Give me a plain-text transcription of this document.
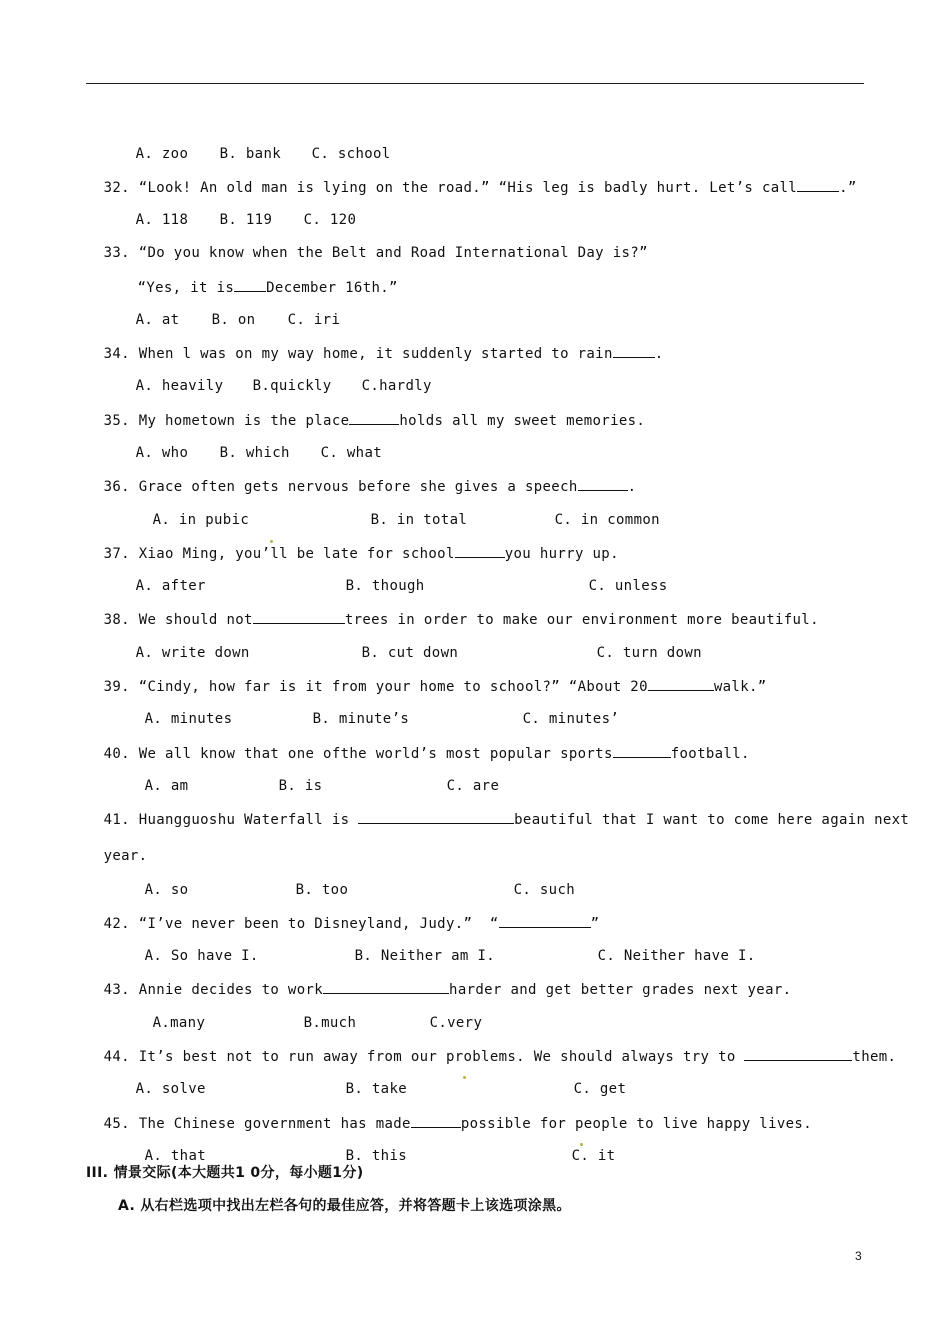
A. zoo B. bank C. school

32. “Look! An old man is lying on the road.” “His leg is badly hurt. Let’s call	.”

A. 118 B. 119 C. 120

33. “Do you know when the Belt and Road International Day is?”

“Yes, it is December 16th.”

A. at B. on C. iri

34. When l was on my way home, it suddenly started to rain	.

A. heavily B.quickly C.hardly

35. My hometown is the place	holds all my sweet memories.

A. who B. which C. what

36. Grace often gets nervous before she gives a speech	.

A. in pubic	B. in total	C. in common

37. Xiao Ming, you’ll be late for school	you hurry up.

A. after	B. though	C. unless

38. We should not	trees in order to make our environment more beautiful.

A. write down	B. cut down	C. turn down

39. “Cindy, how far is it from your home to school?” “About 20	walk.”

A. minutes	B. minute’s	C. minutes’

40. We all know that one ofthe world’s most popular sports	football.

A. am	B. is	C. are

41. Huangguoshu Waterfall is	beautiful that I want to come here again next

year.

A. so	B. too	C. such

42. “I’ve never been to Disneyland, Judy.”  “	”

A. So have I.	B. Neither am I.	C. Neither have I.

43. Annie decides to work	harder and get better grades next year.

A.many	B.much	C.very

44. It’s best not to run away from our problems. We should always try to	them.

A. solve	B. take	C. get

45. The Chinese government has made	possible for people to live happy lives.

A. that	B. this	C. it

III. 情景交际(本大题共1 0分，每小题1分)
A. 从右栏选项中找出左栏各句的最佳应答，并将答题卡上该选项涂黑。
3
